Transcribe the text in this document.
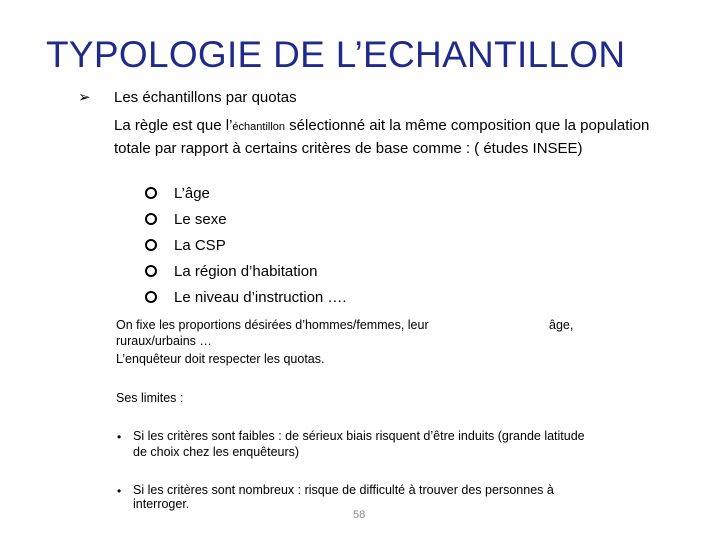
TYPOLOGIE DE L’ECHANTILLON
➢ Les échantillons par quotas
La règle est que l’échantillon sélectionné ait la même composition que la population totale par rapport à certains critères de base comme : ( études INSEE)
L’âge
Le sexe
La CSP
La région d’habitation
Le niveau d’instruction ….
On fixe les proportions désirées d’hommes/femmes, leur	âge,
ruraux/urbains …
L’enquêteur doit respecter les quotas.
Ses limites :
• Si les critères sont faibles : de sérieux biais risquent d’être induits (grande latitude
de choix chez les enquêteurs)
• Si les critères sont nombreux : risque de difficulté à trouver des personnes à
interroger.
58
